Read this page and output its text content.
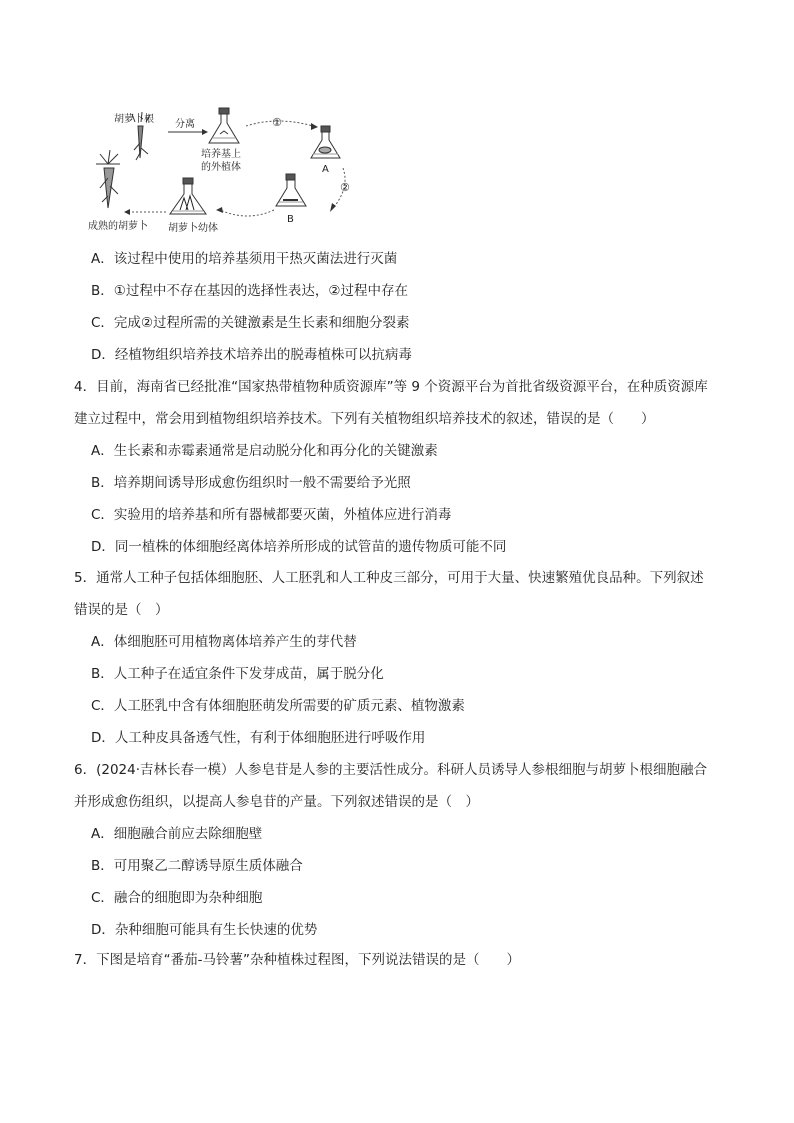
胡萝卜根 分离
培养基上
的外植体
①
A
②
B
胡萝卜幼体
成熟的胡萝卜
A．该过程中使用的培养基须用干热灭菌法进行灭菌
B．①过程中不存在基因的选择性表达，②过程中存在
C．完成②过程所需的关键激素是生长素和细胞分裂素
D．经植物组织培养技术培养出的脱毒植株可以抗病毒
4．目前，海南省已经批准“国家热带植物种质资源库”等 9 个资源平台为首批省级资源平台，在种质资源库
建立过程中，常会用到植物组织培养技术。下列有关植物组织培养技术的叙述，错误的是（　　）
A．生长素和赤霉素通常是启动脱分化和再分化的关键激素
B．培养期间诱导形成愈伤组织时一般不需要给予光照
C．实验用的培养基和所有器械都要灭菌，外植体应进行消毒
D．同一植株的体细胞经离体培养所形成的试管苗的遗传物质可能不同
5．通常人工种子包括体细胞胚、人工胚乳和人工种皮三部分，可用于大量、快速繁殖优良品种。下列叙述
错误的是（　）
A．体细胞胚可用植物离体培养产生的芽代替
B．人工种子在适宜条件下发芽成苗，属于脱分化
C．人工胚乳中含有体细胞胚萌发所需要的矿质元素、植物激素
D．人工种皮具备透气性，有利于体细胞胚进行呼吸作用
6．(2024·吉林长春一模）人参皂苷是人参的主要活性成分。科研人员诱导人参根细胞与胡萝卜根细胞融合
并形成愈伤组织，以提高人参皂苷的产量。下列叙述错误的是（　）
A．细胞融合前应去除细胞壁
B．可用聚乙二醇诱导原生质体融合
C．融合的细胞即为杂种细胞
D．杂种细胞可能具有生长快速的优势
7．下图是培育“番茄-马铃薯”杂种植株过程图，下列说法错误的是（　　）
